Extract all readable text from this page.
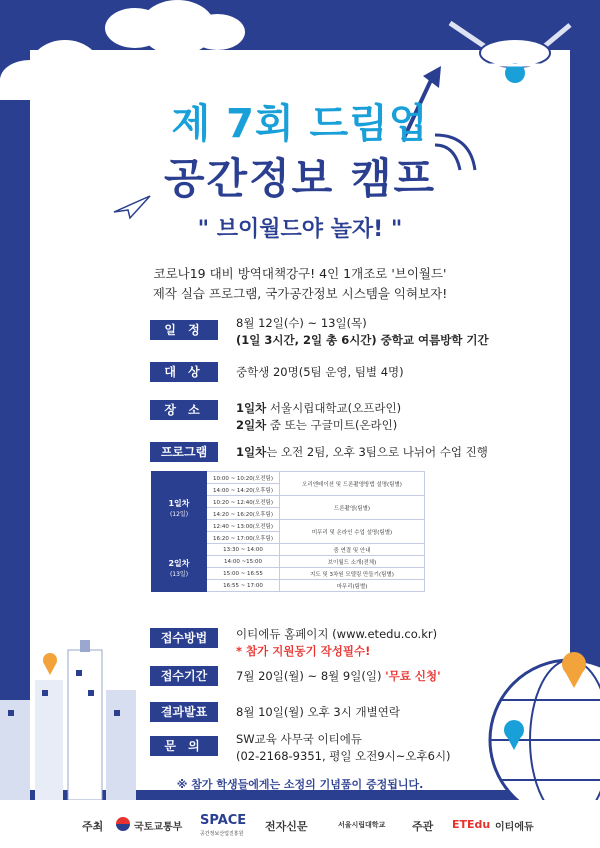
제 7회 드림업
공간정보 캠프
" 브이월드야 놀자! "
코로나19 대비 방역대책강구! 4인 1개조로 '브이월드'
제작 실습 프로그램, 국가공간정보 시스템을 익혀보자!
일 정	8월 12일(수) ~ 13일(목)
(1일 3시간, 2일 총 6시간) 중학교 여름방학 기간
대 상	중학생 20명(5팀 운영, 팀별 4명)
장 소	1일차 서울시립대학교(오프라인)
2일차 줌 또는 구글미트(온라인)
프로그램	1일차는 오전 2팀, 오후 3팀으로 나뉘어 수업 진행
1일차
(12일)	10:00 ~ 10:20(오전팀)	오리엔테이션 및 드론촬영방법 설명(팀별)
	14:00 ~ 14:20(오후팀)	
	10:20 ~ 12:40(오전팀)	드론촬영(팀별)
	14:20 ~ 16:20(오후팀)	
	12:40 ~ 13:00(오전팀)	미무리 및 온라인 수업 설명(팀별)
	16:20 ~ 17:00(오후팀)	

2일차
(13일)	13:30 ~ 14:00	줌 연결 및 안내
	14:00 ~15:00	브이월드 소개(전체)
	15:00 ~ 16:55	지도 및 3차원 모델링 만들기(팀별)
	16:55 ~ 17:00	마무리(팀별)
접수방법	이티에듀 홈페이지 (www.etedu.co.kr)
* 참가 지원동기 작성필수!
접수기간	7월 20일(월) ~ 8월 9일(일) '무료 신청'
결과발표	8월 10일(월) 오후 3시 개별연락
문 의	SW교육 사무국 이티에듀
(02-2168-9351, 평일 오전9시~오후6시)
※ 참가 학생들에게는 소정의 기념품이 증정됩니다.
주최	국토교통부 SPACE
공간정보산업진흥원
전자신문	서울시립대학교 주관 ETEdu 이티에듀
